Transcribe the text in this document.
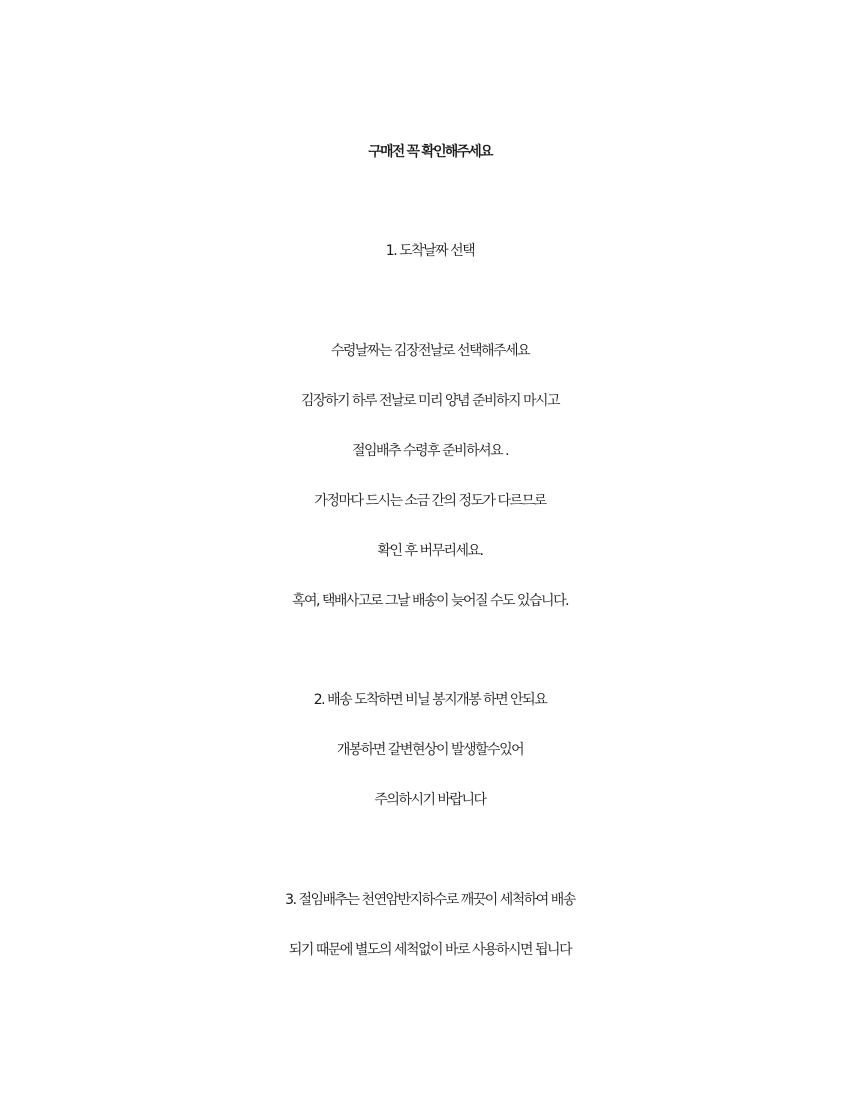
구매전 꼭 확인해주세요
1. 도착날짜 선택
수령날짜는 김장전날로 선택해주세요
김장하기 하루 전날로 미리 양념 준비하지 마시고
절임배추 수령후 준비하셔요 .
가정마다 드시는 소금 간의 정도가 다르므로
확인 후 버무리세요.
혹여, 택배사고로 그날 배송이 늦어질 수도 있습니다.
2. 배송 도착하면 비닐 봉지개봉 하면 안되요
개봉하면 갈변현상이 발생할수있어
주의하시기 바랍니다
3. 절임배추는 천연암반지하수로 깨끗이 세척하여 배송
되기 때문에 별도의 세척없이 바로 사용하시면 됩니다
